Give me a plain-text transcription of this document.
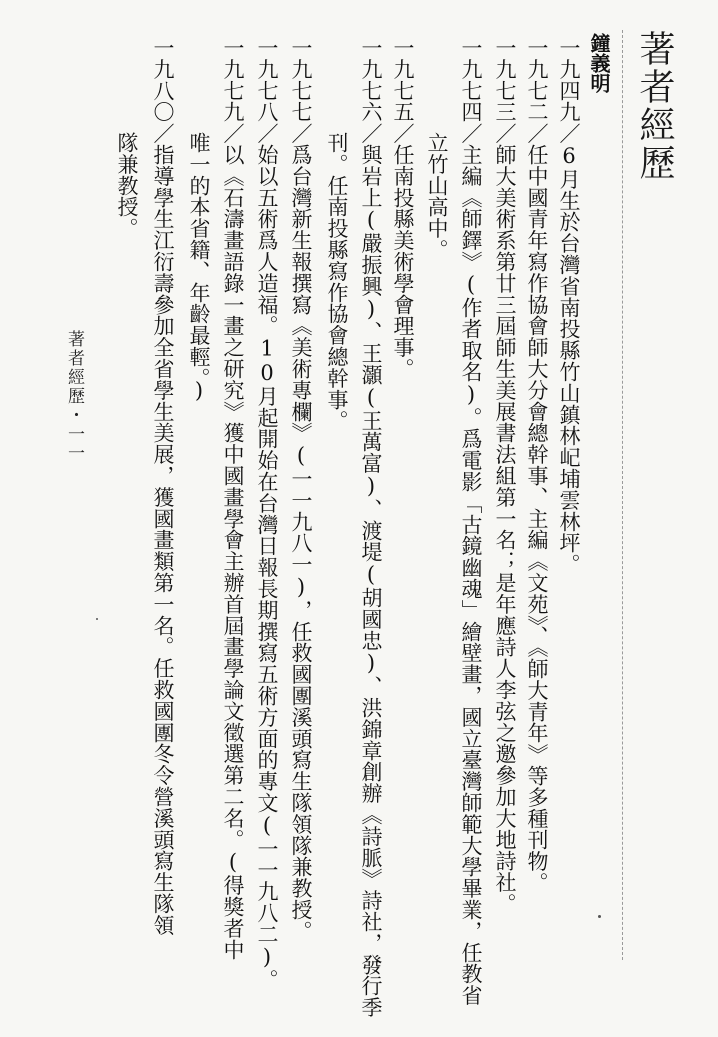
著者經歷
鐘義明
一九四九／6月生於台灣省南投縣竹山鎮林屺埔雲林坪。
一九七二／任中國青年寫作協會師大分會總幹事、主編《文苑》、《師大青年》等多種刊物。
一九七三／師大美術系第廿三屆師生美展書法組第一名；是年應詩人李弦之邀參加大地詩社。
一九七四／主編《師鐸》(作者取名)。爲電影「古鏡幽魂」繪壁畫，國立臺灣師範大學畢業，任教省
立竹山高中。
一九七五／任南投縣美術學會理事。
一九七六／與岩上(嚴振興)、王灝(王萬富)、渡堤(胡國忠)、洪錦章創辦《詩脈》詩社，發行季
刊。任南投縣寫作協會總幹事。
一九七七／爲台灣新生報撰寫《美術專欄》(一一九八一)，任救國團溪頭寫生隊領隊兼教授。
一九七八／始以五術爲人造福。10月起開始在台灣日報長期撰寫五術方面的專文(一一九八二)。
一九七九／以《石濤畫語錄一畫之研究》獲中國畫學會主辦首屆畫學論文徵選第二名。(得獎者中
唯一的本省籍、年齡最輕。)
一九八〇／指導學生江衍壽參加全省學生美展，獲國畫類第一名。任救國團冬令營溪頭寫生隊領
隊兼教授。
著者經歷・一一
